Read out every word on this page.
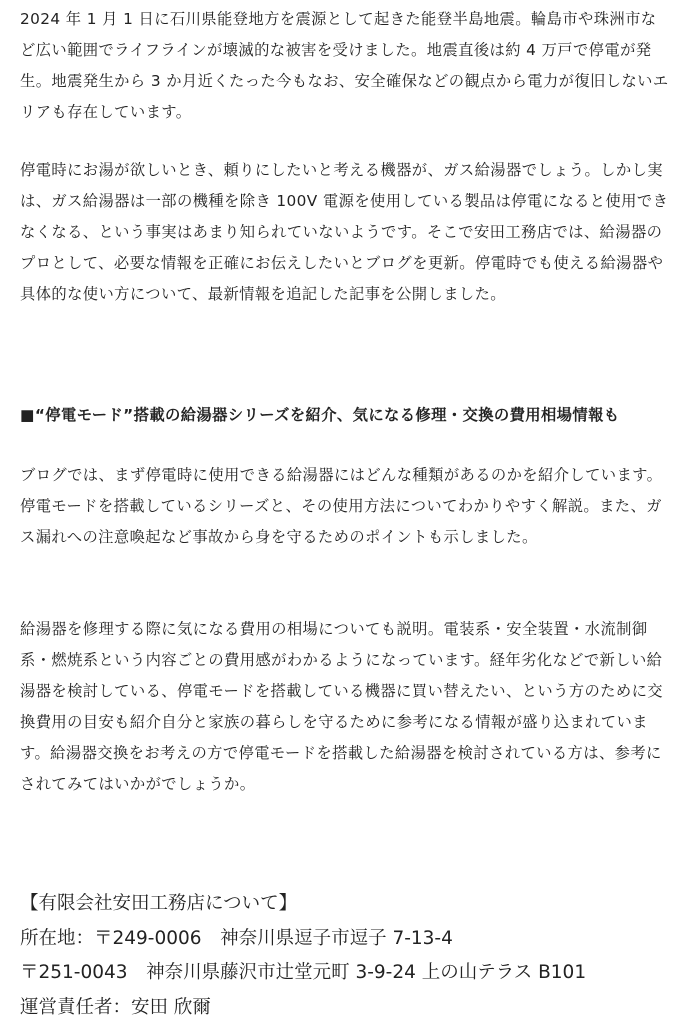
2024 年 1 月 1 日に石川県能登地方を震源として起きた能登半島地震。輪島市や珠洲市など広い範囲でライフラインが壊滅的な被害を受けました。地震直後は約 4 万戸で停電が発生。地震発生から 3 か月近くたった今もなお、安全確保などの観点から電力が復旧しないエリアも存在しています。

停電時にお湯が欲しいとき、頼りにしたいと考える機器が、ガス給湯器でしょう。しかし実は、ガス給湯器は一部の機種を除き 100V 電源を使用している製品は停電になると使用できなくなる、という事実はあまり知られていないようです。そこで安田工務店では、給湯器のプロとして、必要な情報を正確にお伝えしたいとブログを更新。停電時でも使える給湯器や具体的な使い方について、最新情報を追記した記事を公開しました。

■“停電モード”搭載の給湯器シリーズを紹介、気になる修理・交換の費用相場情報も

ブログでは、まず停電時に使用できる給湯器にはどんな種類があるのかを紹介しています。停電モードを搭載しているシリーズと、その使用方法についてわかりやすく解説。また、ガス漏れへの注意喚起など事故から身を守るためのポイントも示しました。

給湯器を修理する際に気になる費用の相場についても説明。電装系・安全装置・水流制御系・燃焼系という内容ごとの費用感がわかるようになっています。経年劣化などで新しい給湯器を検討している、停電モードを搭載している機器に買い替えたい、という方のために交換費用の目安も紹介自分と家族の暮らしを守るために参考になる情報が盛り込まれています。給湯器交換をお考えの方で停電モードを搭載した給湯器を検討されている方は、参考にされてみてはいかがでしょうか。

【有限会社安田工務店について】
所在地：〒249-0006　神奈川県逗子市逗子 7-13-4
〒251-0043　神奈川県藤沢市辻堂元町 3-9-24 上の山テラス B101
運営責任者：安田 欣爾
